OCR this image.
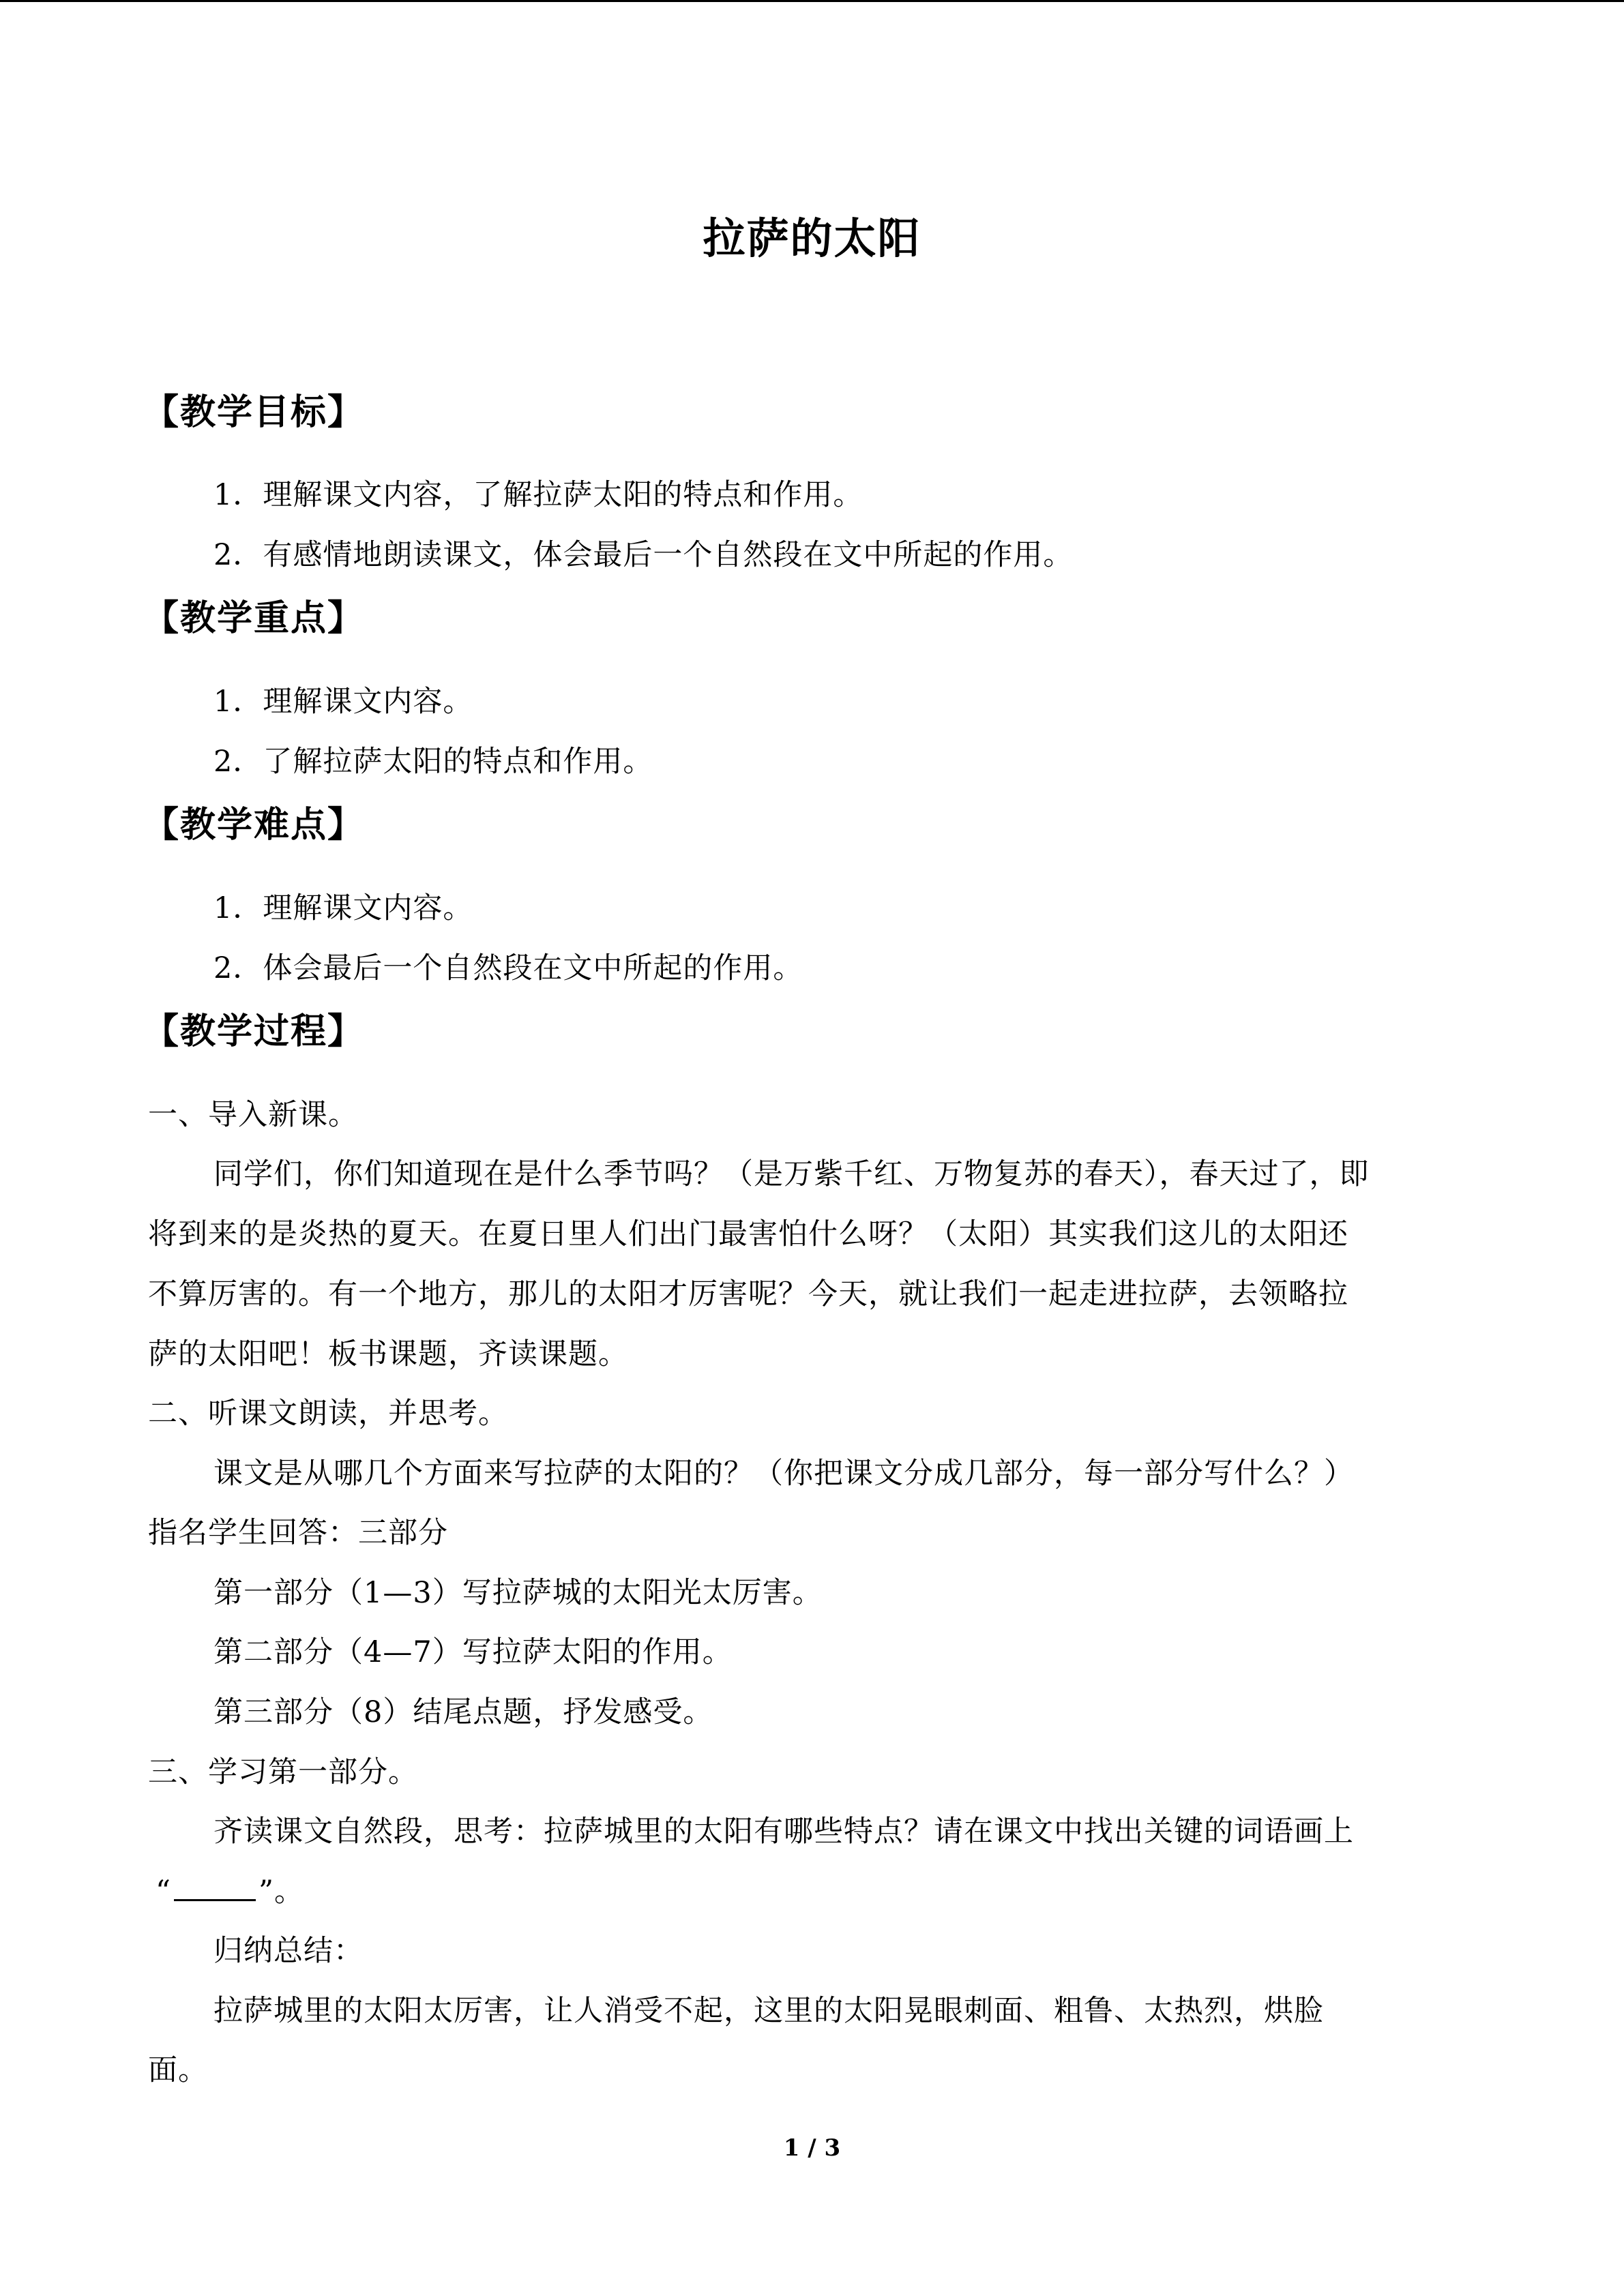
拉萨的太阳
【教学目标】
1．理解课文内容，了解拉萨太阳的特点和作用。
2．有感情地朗读课文，体会最后一个自然段在文中所起的作用。
【教学重点】
1．理解课文内容。
2．了解拉萨太阳的特点和作用。
【教学难点】
1．理解课文内容。
2．体会最后一个自然段在文中所起的作用。
【教学过程】
一、导入新课。
同学们，你们知道现在是什么季节吗？（是万紫千红、万物复苏的春天），春天过了，即
将到来的是炎热的夏天。在夏日里人们出门最害怕什么呀？（太阳）其实我们这儿的太阳还
不算厉害的。有一个地方，那儿的太阳才厉害呢？今天，就让我们一起走进拉萨，去领略拉
萨的太阳吧！板书课题，齐读课题。
二、听课文朗读，并思考。
课文是从哪几个方面来写拉萨的太阳的？（你把课文分成几部分，每一部分写什么？）
指名学生回答：三部分
第一部分（1—3）写拉萨城的太阳光太厉害。
第二部分（4—7）写拉萨太阳的作用。
第三部分（8）结尾点题，抒发感受。
三、学习第一部分。
齐读课文自然段，思考：拉萨城里的太阳有哪些特点？请在课文中找出关键的词语画上
“	”。
归纳总结：
拉萨城里的太阳太厉害，让人消受不起，这里的太阳晃眼刺面、粗鲁、太热烈，烘脸
面。
1 / 3
